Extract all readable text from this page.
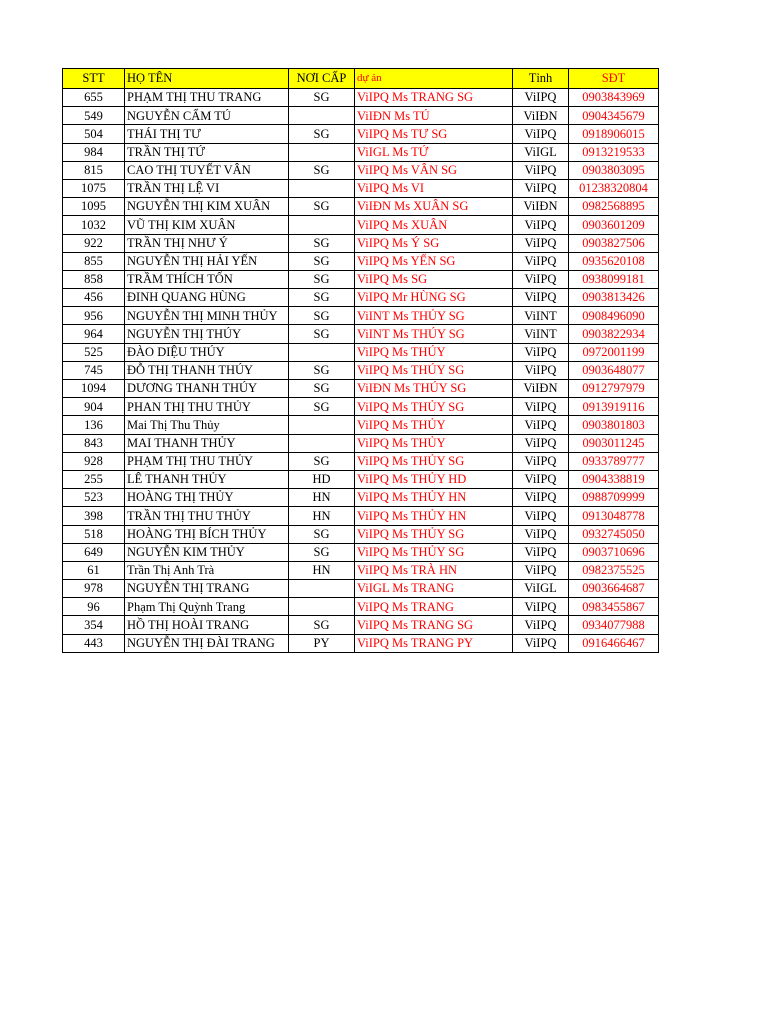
STT	HỌ TÊN	NƠI CẤP	dự án	Tỉnh	SĐT
655	PHẠM THỊ THU TRANG	SG	ViIPQ Ms TRANG SG	ViIPQ	0903843969
549	NGUYỄN CẨM TÚ		ViIĐN Ms TÚ	ViIĐN	0904345679
504	THÁI THỊ TƯ	SG	ViIPQ Ms TƯ SG	ViIPQ	0918906015
984	TRẦN THỊ TỨ		ViIGL Ms TỨ	ViIGL	0913219533
815	CAO THỊ TUYẾT VÂN	SG	ViIPQ Ms VÂN SG	ViIPQ	0903803095
1075	TRẦN THỊ LỆ VI		ViIPQ Ms VI	ViIPQ	01238320804
1095	NGUYỄN THỊ KIM XUÂN	SG	ViIĐN Ms XUÂN SG	ViIĐN	0982568895
1032	VŨ THỊ KIM XUÂN		ViIPQ Ms XUÂN	ViIPQ	0903601209
922	TRẦN THỊ NHƯ Ý	SG	ViIPQ Ms Ý SG	ViIPQ	0903827506
855	NGUYỄN THỊ HẢI YẾN	SG	ViIPQ Ms YẾN SG	ViIPQ	0935620108
858	TRẦM THÍCH TỐN	SG	ViIPQ Ms SG	ViIPQ	0938099181
456	ĐINH QUANG HÙNG	SG	ViIPQ Mr HÙNG SG	ViIPQ	0903813426
956	NGUYỄN THỊ MINH THỦY	SG	ViINT Ms THỦY SG	ViINT	0908496090
964	NGUYỄN THỊ THÚY	SG	ViINT Ms THÚY SG	ViINT	0903822934
525	ĐÀO DIỆU THÚY		ViIPQ Ms THÚY	ViIPQ	0972001199
745	ĐỖ THỊ THANH THÚY	SG	ViIPQ Ms THÚY SG	ViIPQ	0903648077
1094	DƯƠNG THANH THÚY	SG	ViIĐN Ms THÚY SG	ViIĐN	0912797979
904	PHAN THỊ THU THỦY	SG	ViIPQ Ms THỦY SG	ViIPQ	0913919116
136	Mai Thị Thu Thủy		ViIPQ Ms THỦY	ViIPQ	0903801803
843	MAI THANH THỦY		ViIPQ Ms THỦY	ViIPQ	0903011245
928	PHẠM THỊ THU THỦY	SG	ViIPQ Ms THỦY SG	ViIPQ	0933789777
255	LÊ THANH THỦY	HD	ViIPQ Ms THỦY HD	ViIPQ	0904338819
523	HOÀNG THỊ THỦY	HN	ViIPQ Ms THỦY HN	ViIPQ	0988709999
398	TRẦN THỊ THU THỦY	HN	ViIPQ Ms THỦY HN	ViIPQ	0913048778
518	HOÀNG THỊ BÍCH THỦY	SG	ViIPQ Ms THỦY SG	ViIPQ	0932745050
649	NGUYỄN KIM THỦY	SG	ViIPQ Ms THỦY SG	ViIPQ	0903710696
61	Trần Thị Anh Trà	HN	ViIPQ Ms TRÀ HN	ViIPQ	0982375525
978	NGUYỄN THỊ TRANG		ViIGL Ms TRANG	ViIGL	0903664687
96	Phạm Thị Quỳnh Trang		ViIPQ Ms TRANG	ViIPQ	0983455867
354	HỒ THỊ HOÀI TRANG	SG	ViIPQ Ms TRANG SG	ViIPQ	0934077988
443	NGUYỄN THỊ ĐÀI TRANG	PY	ViIPQ Ms TRANG PY	ViIPQ	0916466467
